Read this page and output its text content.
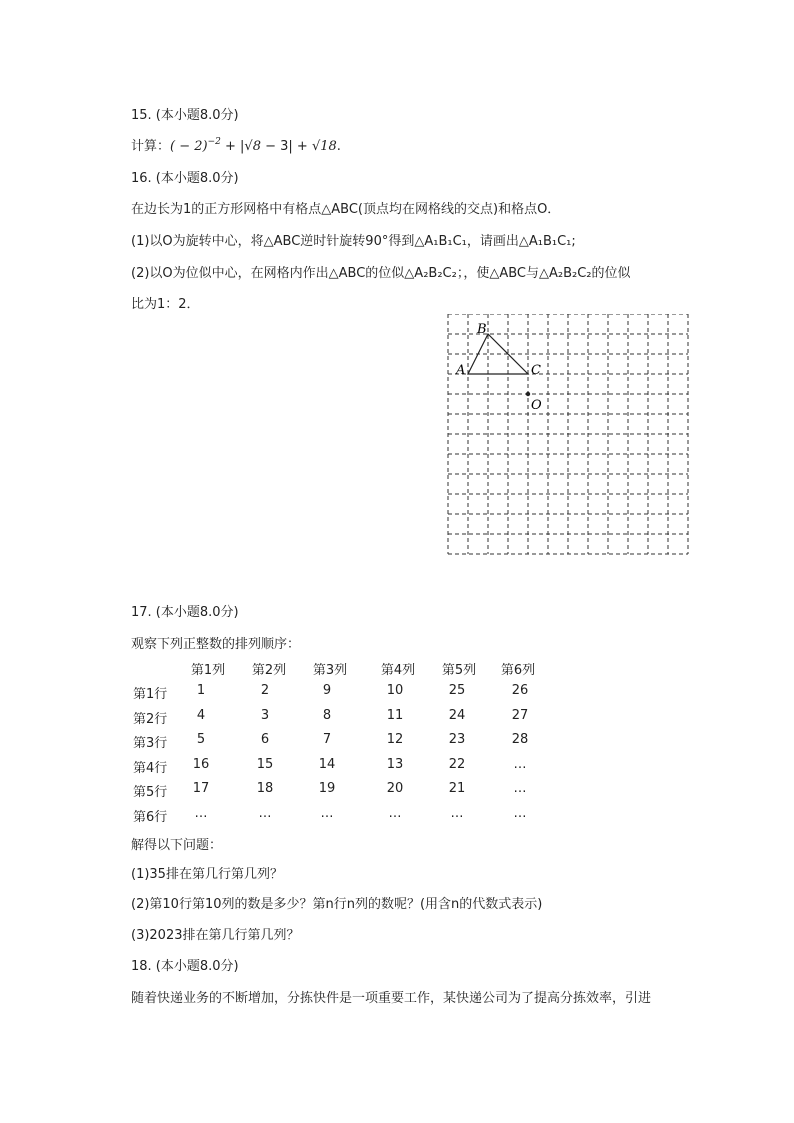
15. (本小题8.0分)
计算：( − 2)$^{-2}$ + |√8 − 3| + √18.
16. (本小题8.0分)
在边长为1的正方形网格中有格点△ABC(顶点均在网格线的交点)和格点O．
(1)以O为旋转中心，将△ABC逆时针旋转90°得到△A₁B₁C₁，请画出△A₁B₁C₁;
(2)以O为位似中心，在网格内作出△ABC的位似△A₂B₂C₂；，使△ABC与△A₂B₂C₂的位似
比为1：2．
B
A	C
O
17. (本小题8.0分)
观察下列正整数的排列顺序：
第1列	第2列	第3列	第4列	第5列	第6列
第1行	1	2	9	10	25	26
第2行	4	3	8	11	24	27
第3行	5	6	7	12	23	28
第4行	16	15	14	13	22	…
第5行	17	18	19	20	21	…
第6行	…	…	…	…	…	…
解得以下问题：
(1)35排在第几行第几列？
(2)第10行第10列的数是多少？第n行n列的数呢？(用含n的代数式表示)
(3)2023排在第几行第几列？
18. (本小题8.0分)
随着快递业务的不断增加，分拣快件是一项重要工作，某快递公司为了提高分拣效率，引进
